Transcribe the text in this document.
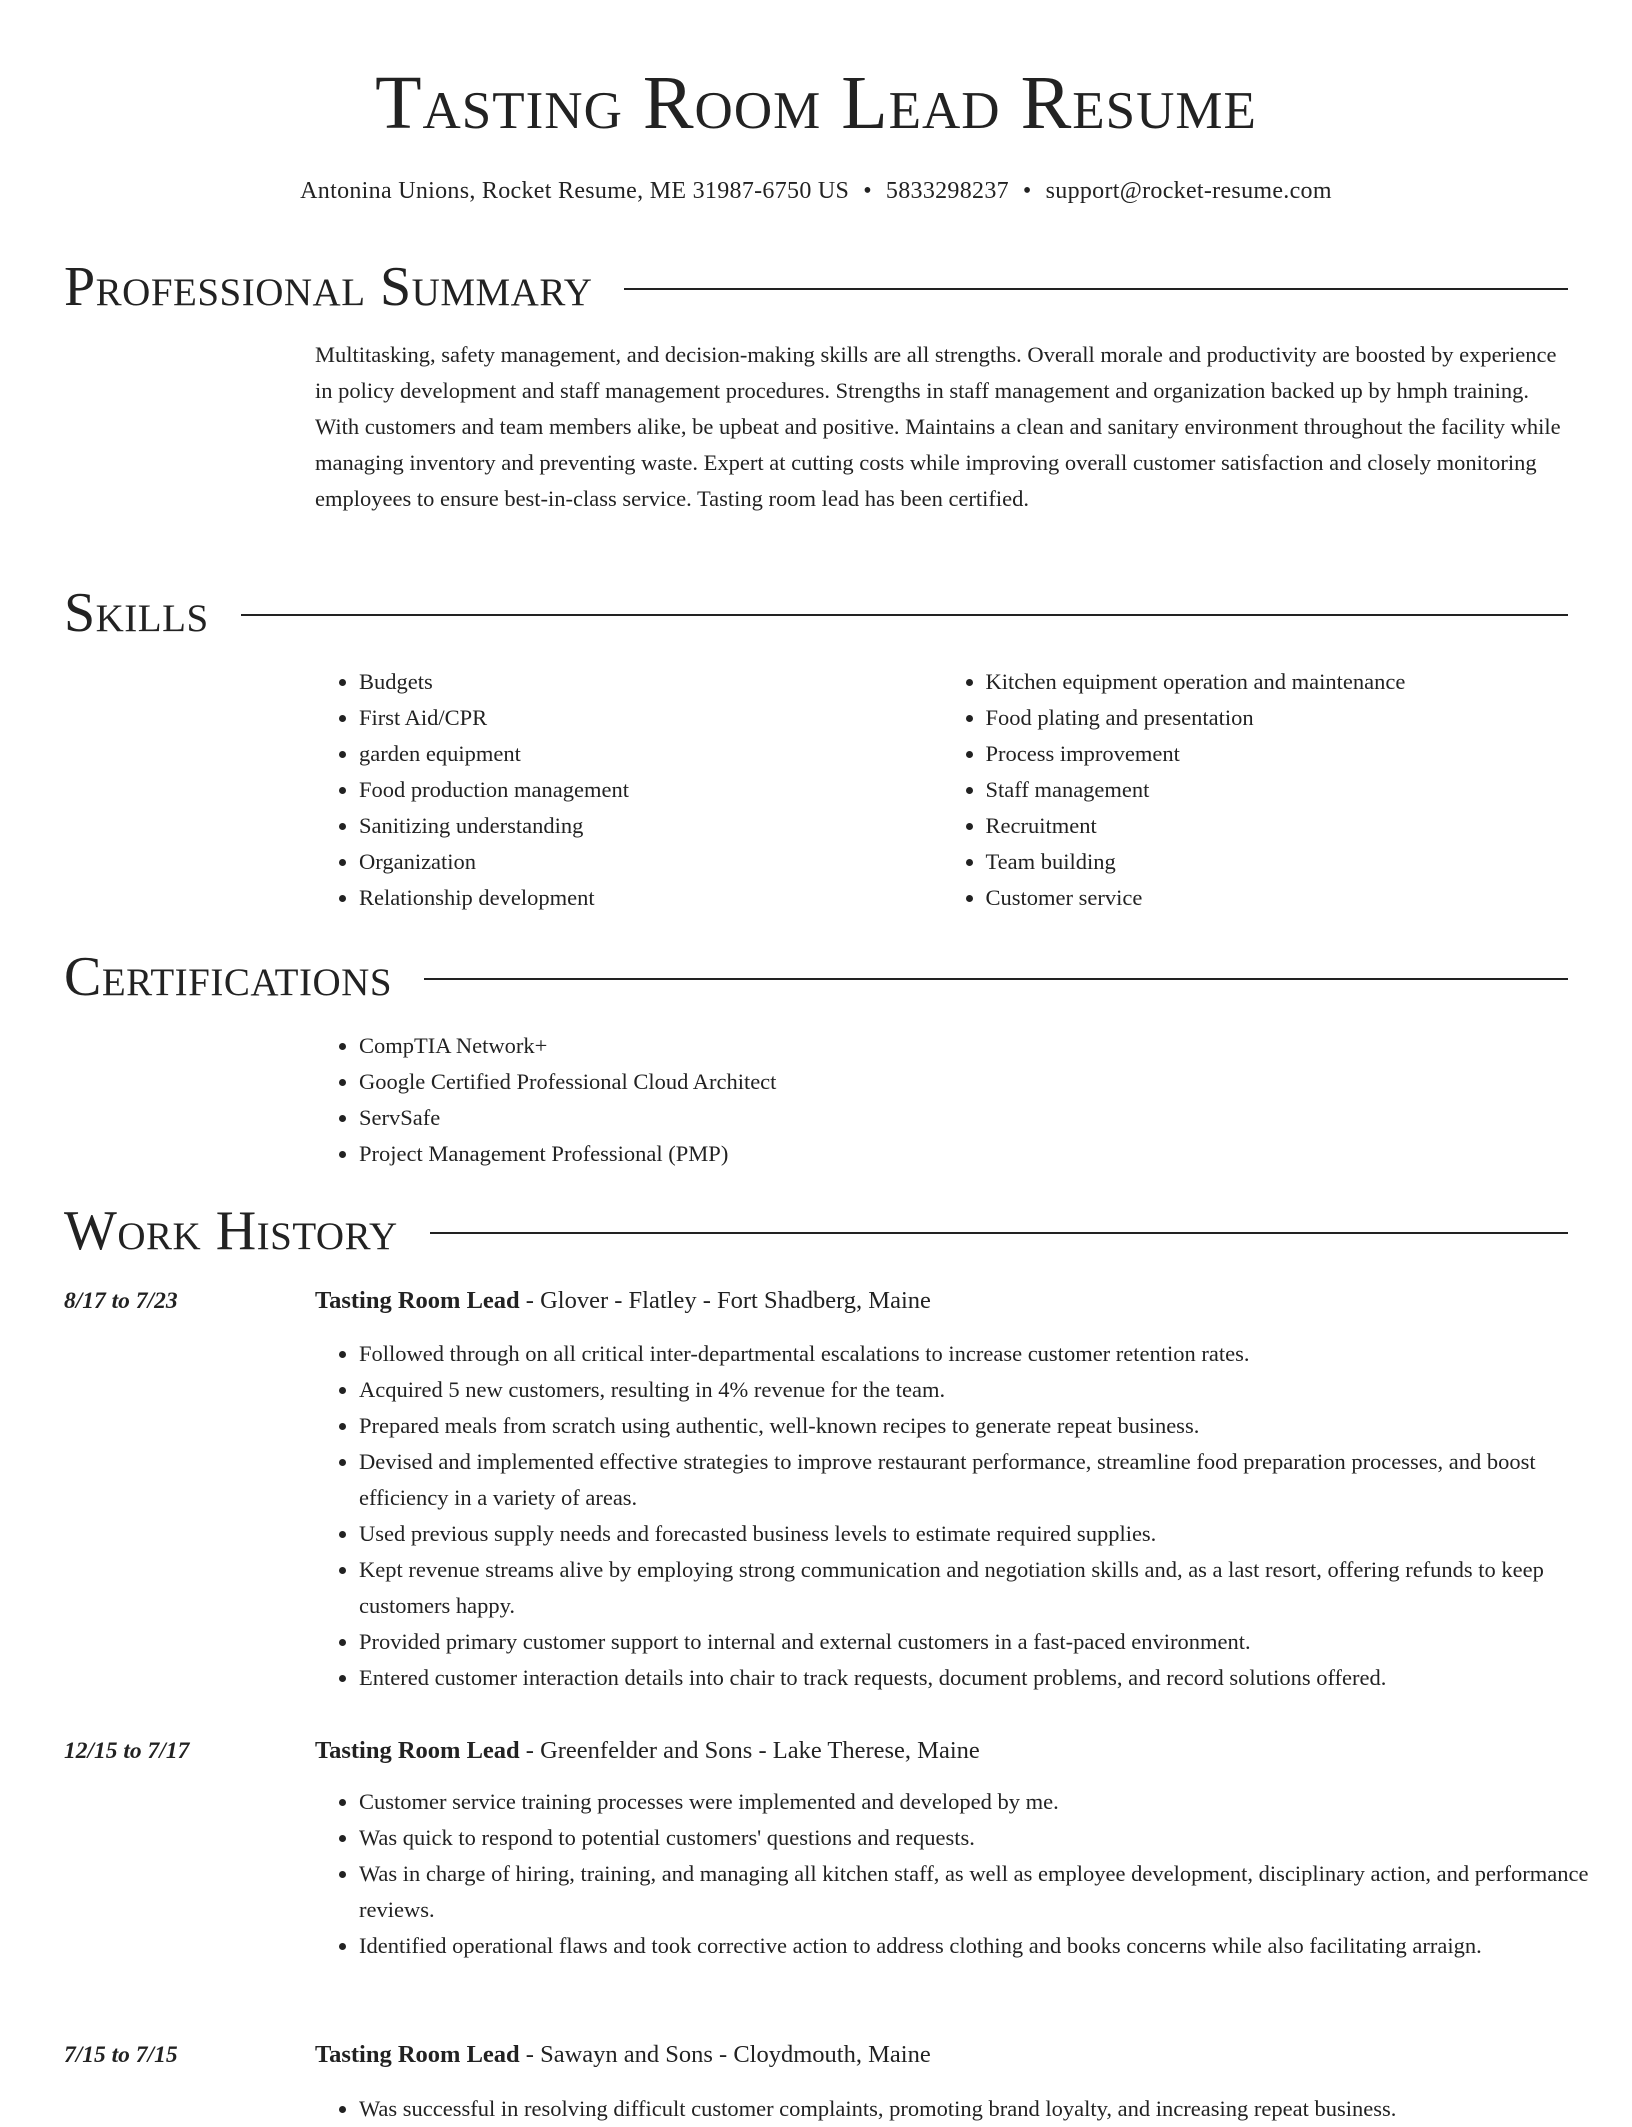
Tasting Room Lead Resume
Antonina Unions, Rocket Resume, ME 31987-6750 US • 5833298237 • support@rocket-resume.com
Professional Summary

Multitasking, safety management, and decision-making skills are all strengths. Overall morale and productivity are boosted by experience in policy development and staff management procedures. Strengths in staff management and organization backed up by hmph training. With customers and team members alike, be upbeat and positive. Maintains a clean and sanitary environment throughout the facility while managing inventory and preventing waste. Expert at cutting costs while improving overall customer satisfaction and closely monitoring employees to ensure best-in-class service. Tasting room lead has been certified.

Skills
• Budgets
• First Aid/CPR
• garden equipment
• Food production management
• Sanitizing understanding
• Organization
• Relationship development
• Kitchen equipment operation and maintenance
• Food plating and presentation
• Process improvement
• Staff management
• Recruitment
• Team building
• Customer service
Certifications
• CompTIA Network+
• Google Certified Professional Cloud Architect
• ServSafe
• Project Management Professional (PMP)
Work History
8/17 to 7/23	Tasting Room Lead - Glover - Flatley - Fort Shadberg, Maine
• Followed through on all critical inter-departmental escalations to increase customer retention rates.
• Acquired 5 new customers, resulting in 4% revenue for the team.
• Prepared meals from scratch using authentic, well-known recipes to generate repeat business.
• Devised and implemented effective strategies to improve restaurant performance, streamline food preparation processes, and boost efficiency in a variety of areas.
• Used previous supply needs and forecasted business levels to estimate required supplies.
• Kept revenue streams alive by employing strong communication and negotiation skills and, as a last resort, offering refunds to keep customers happy.
• Provided primary customer support to internal and external customers in a fast-paced environment.
• Entered customer interaction details into chair to track requests, document problems, and record solutions offered.
12/15 to 7/17	Tasting Room Lead - Greenfelder and Sons - Lake Therese, Maine
• Customer service training processes were implemented and developed by me.
• Was quick to respond to potential customers' questions and requests.
• Was in charge of hiring, training, and managing all kitchen staff, as well as employee development, disciplinary action, and performance reviews.
• Identified operational flaws and took corrective action to address clothing and books concerns while also facilitating arraign.
7/15 to 7/15	Tasting Room Lead - Sawayn and Sons - Cloydmouth, Maine
• Was successful in resolving difficult customer complaints, promoting brand loyalty, and increasing repeat business.
